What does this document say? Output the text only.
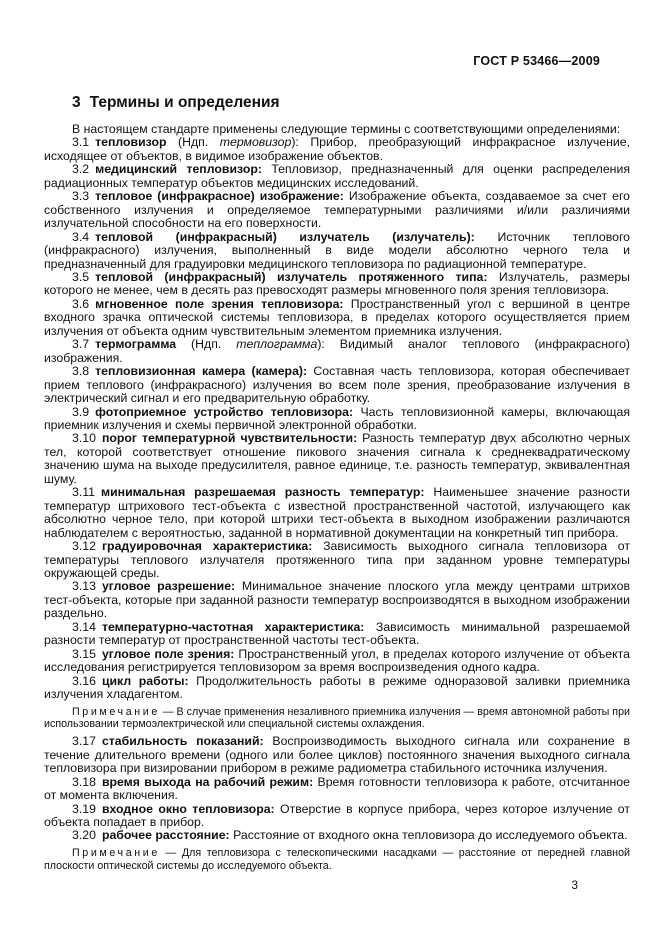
ГОСТ Р 53466—2009
3 Термины и определения

В настоящем стандарте применены следующие термины с соответствующими определениями:

3.1 тепловизор (Ндп. термовизор): Прибор, преобразующий инфракрасное излучение, исходящее от объектов, в видимое изображение объектов.

3.2 медицинский тепловизор: Тепловизор, предназначенный для оценки распределения радиационных температур объектов медицинских исследований.

3.3 тепловое (инфракрасное) изображение: Изображение объекта, создаваемое за счет его собственного излучения и определяемое температурными различиями и/или различиями излучательной способности на его поверхности.

3.4 тепловой (инфракрасный) излучатель (излучатель): Источник теплового (инфракрасного) излучения, выполненный в виде модели абсолютно черного тела и предназначенный для градуировки медицинского тепловизора по радиационной температуре.

3.5 тепловой (инфракрасный) излучатель протяженного типа: Излучатель, размеры которого не менее, чем в десять раз превосходят размеры мгновенного поля зрения тепловизора.

3.6 мгновенное поле зрения тепловизора: Пространственный угол с вершиной в центре входного зрачка оптической системы тепловизора, в пределах которого осуществляется прием излучения от объекта одним чувствительным элементом приемника излучения.

3.7 термограмма (Ндп. теплограмма): Видимый аналог теплового (инфракрасного) изображения.

3.8 тепловизионная камера (камера): Составная часть тепловизора, которая обеспечивает прием теплового (инфракрасного) излучения во всем поле зрения, преобразование излучения в электрический сигнал и его предварительную обработку.

3.9 фотоприемное устройство тепловизора: Часть тепловизионной камеры, включающая приемник излучения и схемы первичной электронной обработки.

3.10 порог температурной чувствительности: Разность температур двух абсолютно черных тел, которой соответствует отношение пикового значения сигнала к среднеквадратическому значению шума на выходе предусилителя, равное единице, т.е. разность температур, эквивалентная шуму.

3.11 минимальная разрешаемая разность температур: Наименьшее значение разности температур штрихового тест-объекта с известной пространственной частотой, излучающего как абсолютно черное тело, при которой штрихи тест-объекта в выходном изображении различаются наблюдателем с вероятностью, заданной в нормативной документации на конкретный тип прибора.

3.12 градуировочная характеристика: Зависимость выходного сигнала тепловизора от температуры теплового излучателя протяженного типа при заданном уровне температуры окружающей среды.

3.13 угловое разрешение: Минимальное значение плоского угла между центрами штрихов тест-объекта, которые при заданной разности температур воспроизводятся в выходном изображении раздельно.

3.14 температурно-частотная характеристика: Зависимость минимальной разрешаемой разности температур от пространственной частоты тест-объекта.

3.15 угловое поле зрения: Пространственный угол, в пределах которого излучение от объекта исследования регистрируется тепловизором за время воспроизведения одного кадра.

3.16 цикл работы: Продолжительность работы в режиме одноразовой заливки приемника излучения хладагентом.

Примечание — В случае применения незаливного приемника излучения — время автономной работы при использовании термоэлектрической или специальной системы охлаждения.

3.17 стабильность показаний: Воспроизводимость выходного сигнала или сохранение в течение длительного времени (одного или более циклов) постоянного значения выходного сигнала тепловизора при визировании прибором в режиме радиометра стабильного источника излучения.

3.18 время выхода на рабочий режим: Время готовности тепловизора к работе, отсчитанное от момента включения.

3.19 входное окно тепловизора: Отверстие в корпусе прибора, через которое излучение от объекта попадает в прибор.

3.20 рабочее расстояние: Расстояние от входного окна тепловизора до исследуемого объекта.

Примечание — Для тепловизора с телескопическими насадками — расстояние от передней главной плоскости оптической системы до исследуемого объекта.

3
